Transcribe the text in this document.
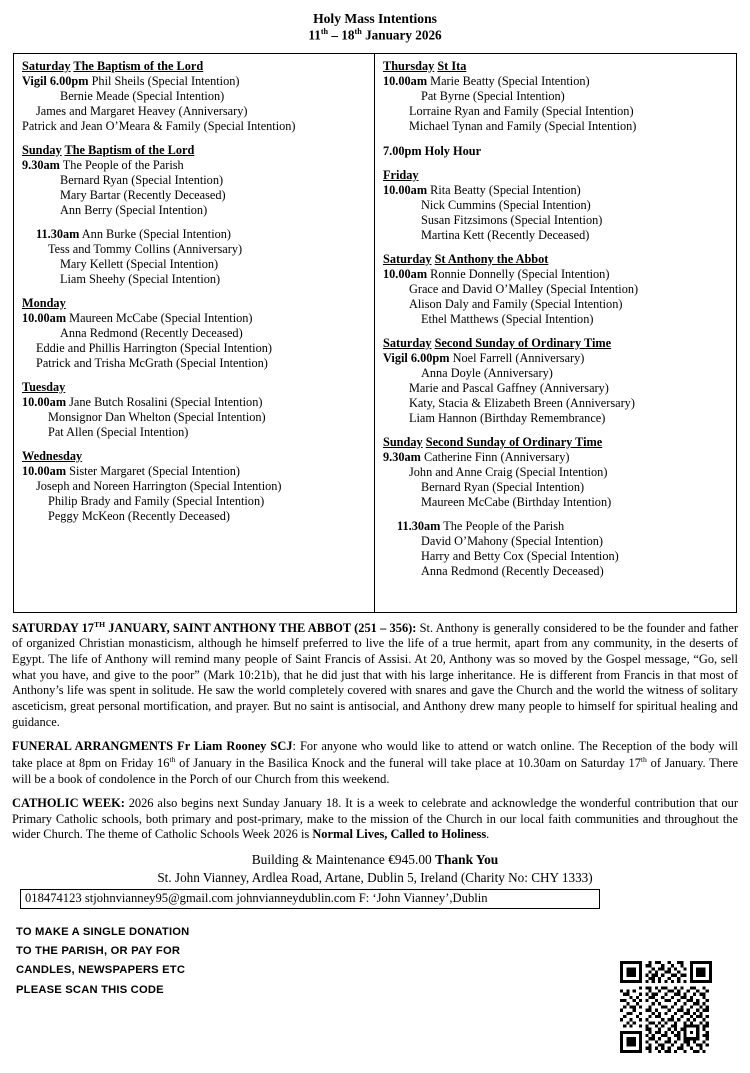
Holy Mass Intentions
11th – 18th January 2026
Saturday The Baptism of the Lord
Vigil 6.00pm Phil Sheils (Special Intention)
Bernie Meade (Special Intention)
James and Margaret Heavey (Anniversary)
Patrick and Jean O’Meara & Family (Special Intention)
Sunday The Baptism of the Lord
9.30am The People of the Parish
Bernard Ryan (Special Intention)
Mary Bartar (Recently Deceased)
Ann Berry (Special Intention)
11.30am Ann Burke (Special Intention)
Tess and Tommy Collins (Anniversary)
Mary Kellett (Special Intention)
Liam Sheehy (Special Intention)
Monday
10.00am Maureen McCabe (Special Intention)
Anna Redmond (Recently Deceased)
Eddie and Phillis Harrington (Special Intention)
Patrick and Trisha McGrath (Special Intention)
Tuesday
10.00am Jane Butch Rosalini (Special Intention)
Monsignor Dan Whelton (Special Intention)
Pat Allen (Special Intention)
Wednesday
10.00am Sister Margaret (Special Intention)
Joseph and Noreen Harrington (Special Intention)
Philip Brady and Family (Special Intention)
Peggy McKeon (Recently Deceased)
Thursday St Ita
10.00am Marie Beatty (Special Intention)
Pat Byrne (Special Intention)
Lorraine Ryan and Family (Special Intention)
Michael Tynan and Family (Special Intention)
7.00pm Holy Hour
Friday
10.00am Rita Beatty (Special Intention)
Nick Cummins (Special Intention)
Susan Fitzsimons (Special Intention)
Martina Kett (Recently Deceased)
Saturday St Anthony the Abbot
10.00am Ronnie Donnelly (Special Intention)
Grace and David O’Malley (Special Intention)
Alison Daly and Family (Special Intention)
Ethel Matthews (Special Intention)
Saturday Second Sunday of Ordinary Time
Vigil 6.00pm Noel Farrell (Anniversary)
Anna Doyle (Anniversary)
Marie and Pascal Gaffney (Anniversary)
Katy, Stacia & Elizabeth Breen (Anniversary)
Liam Hannon (Birthday Remembrance)
Sunday Second Sunday of Ordinary Time
9.30am Catherine Finn (Anniversary)
John and Anne Craig (Special Intention)
Bernard Ryan (Special Intention)
Maureen McCabe (Birthday Intention)
11.30am The People of the Parish
David O’Mahony (Special Intention)
Harry and Betty Cox (Special Intention)
Anna Redmond (Recently Deceased)

SATURDAY 17TH JANUARY, SAINT ANTHONY THE ABBOT (251 – 356): St. Anthony is generally considered to be the founder and father of organized Christian monasticism, although he himself preferred to live the life of a true hermit, apart from any community, in the deserts of Egypt. The life of Anthony will remind many people of Saint Francis of Assisi. At 20, Anthony was so moved by the Gospel message, “Go, sell what you have, and give to the poor” (Mark 10:21b), that he did just that with his large inheritance. He is different from Francis in that most of Anthony’s life was spent in solitude. He saw the world completely covered with snares and gave the Church and the world the witness of solitary asceticism, great personal mortification, and prayer. But no saint is antisocial, and Anthony drew many people to himself for spiritual healing and guidance.

FUNERAL ARRANGMENTS Fr Liam Rooney SCJ: For anyone who would like to attend or watch online. The Reception of the body will take place at 8pm on Friday 16th of January in the Basilica Knock and the funeral will take place at 10.30am on Saturday 17th of January. There will be a book of condolence in the Porch of our Church from this weekend.

CATHOLIC WEEK: 2026 also begins next Sunday January 18. It is a week to celebrate and acknowledge the wonderful contribution that our Primary Catholic schools, both primary and post-primary, make to the mission of the Church in our local faith communities and throughout the wider Church. The theme of Catholic Schools Week 2026 is Normal Lives, Called to Holiness.

Building & Maintenance €945.00 Thank You
St. John Vianney, Ardlea Road, Artane, Dublin 5, Ireland (Charity No: CHY 1333)
018474123 stjohnvianney95@gmail.com johnvianneydublin.com F: ‘John Vianney’,Dublin
TO MAKE A SINGLE DONATION
TO THE PARISH, OR PAY FOR
CANDLES, NEWSPAPERS ETC
PLEASE SCAN THIS CODE
